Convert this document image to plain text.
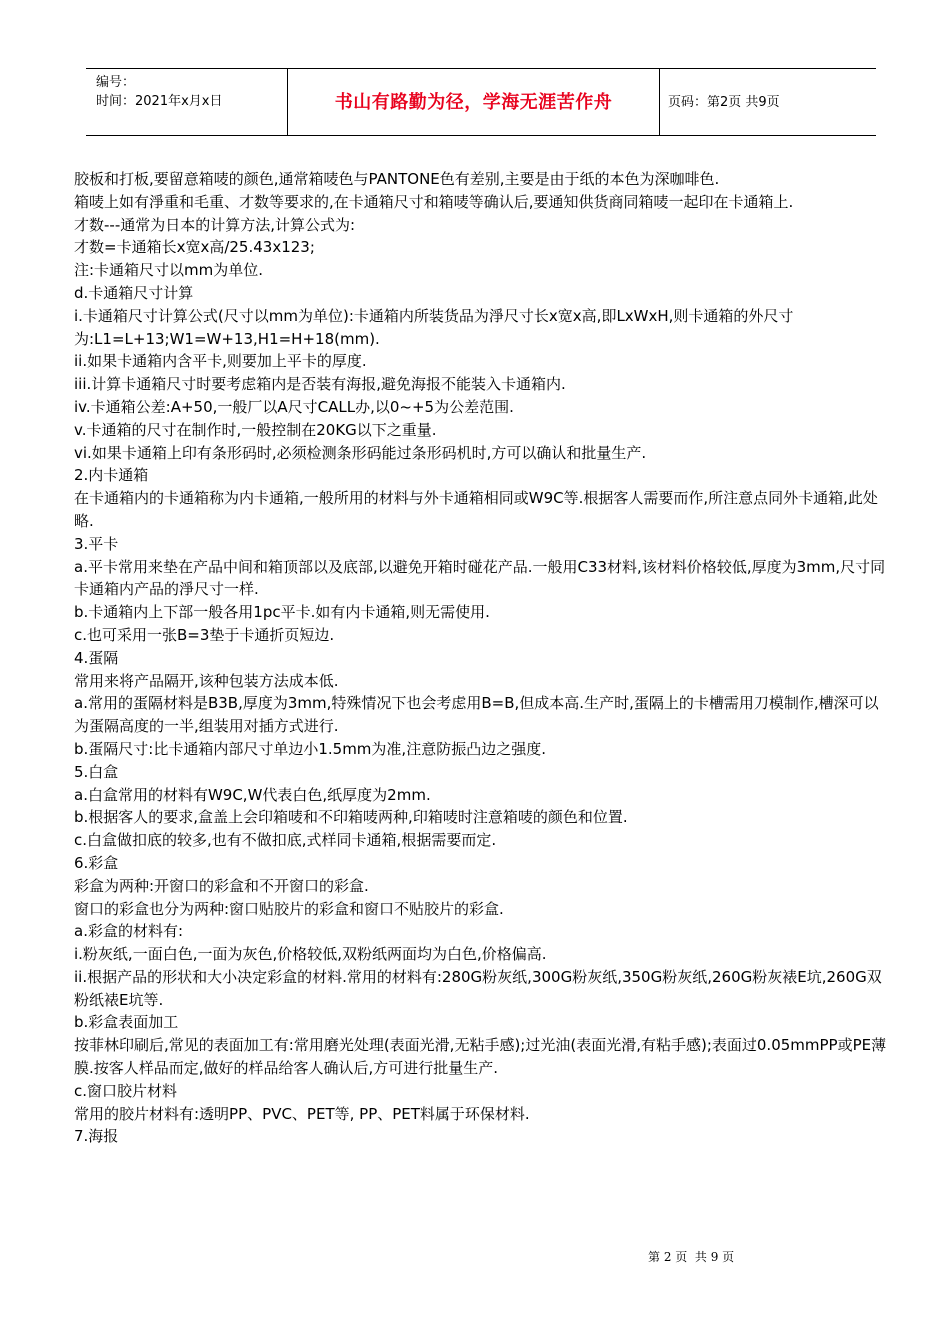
编号：
时间：2021年x月x日	书山有路勤为径，学海无涯苦作舟	页码：第2页 共9页

胶板和打板,要留意箱唛的颜色,通常箱唛色与PANTONE色有差别,主要是由于纸的本色为深咖啡色.

箱唛上如有淨重和毛重、才数等要求的,在卡通箱尺寸和箱唛等确认后,要通知供货商同箱唛一起印在卡通箱上.

才数---通常为日本的计算方法,计算公式为:

才数=卡通箱长x宽x高/25.43x123;

注:卡通箱尺寸以mm为单位.

d.卡通箱尺寸计算

i.卡通箱尺寸计算公式(尺寸以mm为单位):卡通箱内所装货品为淨尺寸长x宽x高,即LxWxH,则卡通箱的外尺寸为:L1=L+13;W1=W+13,H1=H+18(mm).

ii.如果卡通箱内含平卡,则要加上平卡的厚度.

iii.计算卡通箱尺寸时要考虑箱内是否装有海报,避免海报不能装入卡通箱内.

iv.卡通箱公差:A+50,一般厂以A尺寸CALL办,以0~+5为公差范围.

v.卡通箱的尺寸在制作时,一般控制在20KG以下之重量.

vi.如果卡通箱上印有条形码时,必须检测条形码能过条形码机时,方可以确认和批量生产.

2.内卡通箱

在卡通箱内的卡通箱称为内卡通箱,一般所用的材料与外卡通箱相同或W9C等.根据客人需要而作,所注意点同外卡通箱,此处略.

3.平卡

a.平卡常用来垫在产品中间和箱顶部以及底部,以避免开箱时碰花产品.一般用C33材料,该材料价格较低,厚度为3mm,尺寸同卡通箱内产品的淨尺寸一样.

b.卡通箱内上下部一般各用1pc平卡.如有内卡通箱,则无需使用.

c.也可采用一张B=3垫于卡通折页短边.

4.蛋隔

常用来将产品隔开,该种包装方法成本低.

a.常用的蛋隔材料是B3B,厚度为3mm,特殊情况下也会考虑用B=B,但成本高.生产时,蛋隔上的卡槽需用刀模制作,槽深可以为蛋隔高度的一半,组装用对插方式进行.

b.蛋隔尺寸:比卡通箱内部尺寸单边小1.5mm为准,注意防振凸边之强度.

5.白盒

a.白盒常用的材料有W9C,W代表白色,纸厚度为2mm.

b.根据客人的要求,盒盖上会印箱唛和不印箱唛两种,印箱唛时注意箱唛的颜色和位置.

c.白盒做扣底的较多,也有不做扣底,式样同卡通箱,根据需要而定.

6.彩盒

彩盒为两种:开窗口的彩盒和不开窗口的彩盒.

窗口的彩盒也分为两种:窗口贴胶片的彩盒和窗口不贴胶片的彩盒.

a.彩盒的材料有:

i.粉灰纸,一面白色,一面为灰色,价格较低,双粉纸两面均为白色,价格偏高.

ii.根据产品的形状和大小决定彩盒的材料.常用的材料有:280G粉灰纸,300G粉灰纸,350G粉灰纸,260G粉灰裱E坑,260G双粉纸裱E坑等.

b.彩盒表面加工

按菲林印刷后,常见的表面加工有:常用磨光处理(表面光滑,无粘手感);过光油(表面光滑,有粘手感);表面过0.05mmPP或PE薄膜.按客人样品而定,做好的样品给客人确认后,方可进行批量生产.

c.窗口胶片材料

常用的胶片材料有:透明PP、PVC、PET等, PP、PET料属于环保材料.

7.海报

第 2 页  共 9 页
